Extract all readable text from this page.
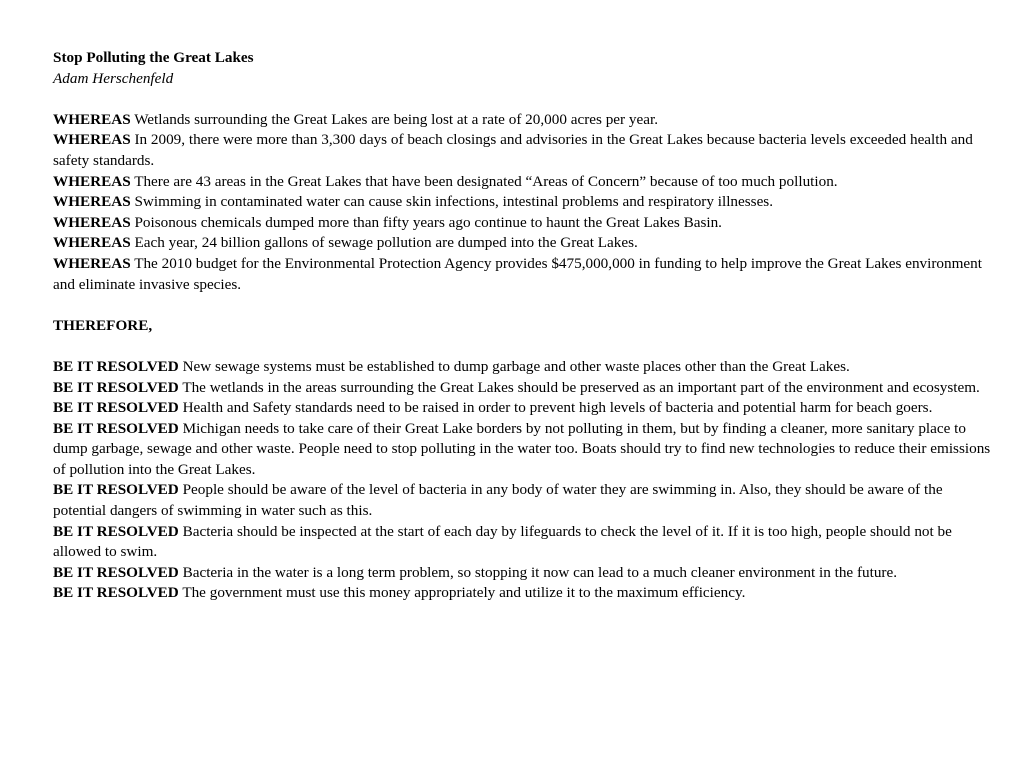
Stop Polluting the Great Lakes

Adam Herschenfeld

WHEREAS Wetlands surrounding the Great Lakes are being lost at a rate of 20,000 acres per year.

WHEREAS In 2009, there were more than 3,300 days of beach closings and advisories in the Great Lakes because bacteria levels exceeded health and safety standards.

WHEREAS There are 43 areas in the Great Lakes that have been designated “Areas of Concern” because of too much pollution.

WHEREAS Swimming in contaminated water can cause skin infections, intestinal problems and respiratory illnesses.

WHEREAS Poisonous chemicals dumped more than fifty years ago continue to haunt the Great Lakes Basin.

WHEREAS Each year, 24 billion gallons of sewage pollution are dumped into the Great Lakes.

WHEREAS The 2010 budget for the Environmental Protection Agency provides $475,000,000 in funding to help improve the Great Lakes environment and eliminate invasive species.

THEREFORE,

BE IT RESOLVED New sewage systems must be established to dump garbage and other waste places other than the Great Lakes.

BE IT RESOLVED The wetlands in the areas surrounding the Great Lakes should be preserved as an important part of the environment and ecosystem.

BE IT RESOLVED Health and Safety standards need to be raised in order to prevent high levels of bacteria and potential harm for beach goers.

BE IT RESOLVED Michigan needs to take care of their Great Lake borders by not polluting in them, but by finding a cleaner, more sanitary place to dump garbage, sewage and other waste. People need to stop polluting in the water too. Boats should try to find new technologies to reduce their emissions of pollution into the Great Lakes.

BE IT RESOLVED People should be aware of the level of bacteria in any body of water they are swimming in. Also, they should be aware of the potential dangers of swimming in water such as this.

BE IT RESOLVED Bacteria should be inspected at the start of each day by lifeguards to check the level of it. If it is too high, people should not be allowed to swim.

BE IT RESOLVED Bacteria in the water is a long term problem, so stopping it now can lead to a much cleaner environment in the future.

BE IT RESOLVED The government must use this money appropriately and utilize it to the maximum efficiency.
